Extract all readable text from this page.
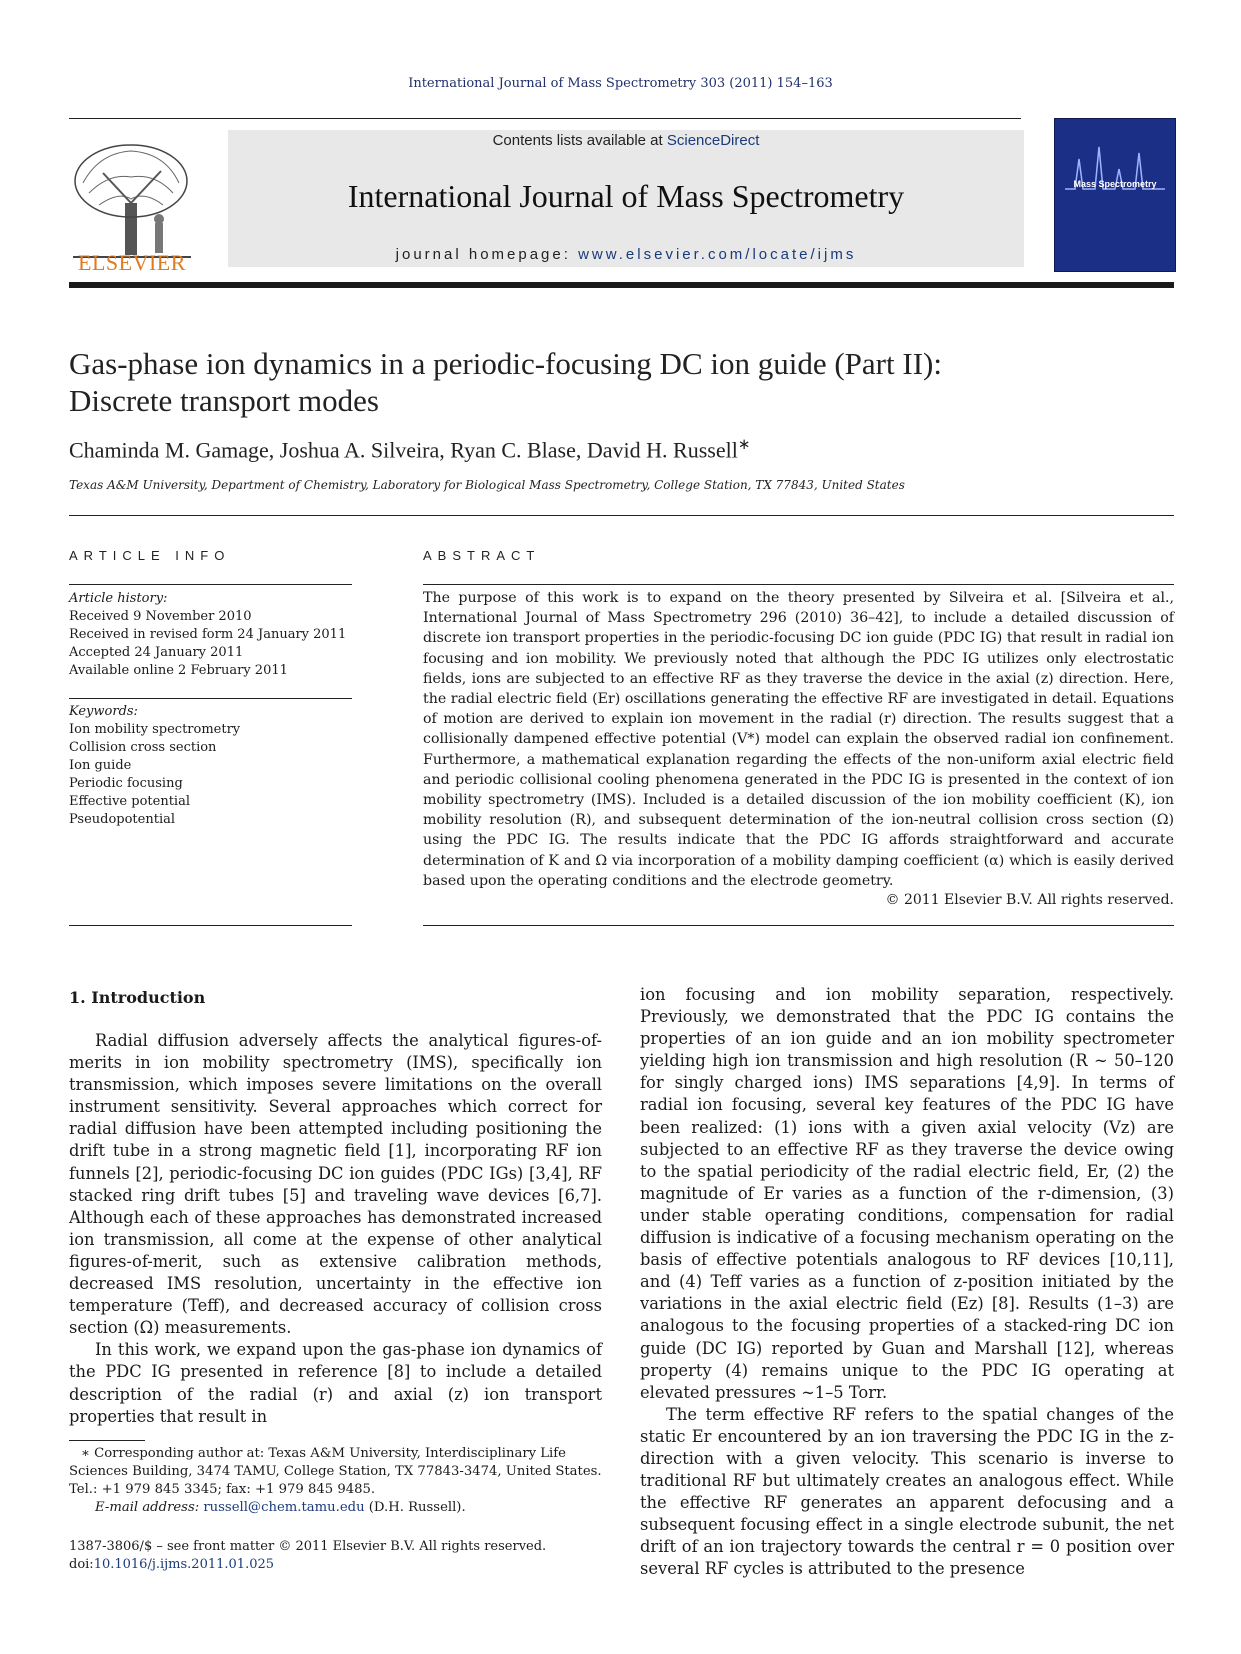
International Journal of Mass Spectrometry 303 (2011) 154–163
ELSEVIER
Contents lists available at ScienceDirect
International Journal of Mass Spectrometry
journal homepage: www.elsevier.com/locate/ijms
Mass Spectrometry
Gas-phase ion dynamics in a periodic-focusing DC ion guide (Part II):
Discrete transport modes
Chaminda M. Gamage, Joshua A. Silveira, Ryan C. Blase, David H. Russell∗
Texas A&M University, Department of Chemistry, Laboratory for Biological Mass Spectrometry, College Station, TX 77843, United States
ARTICLE INFO	ABSTRACT
Article history:
Received 9 November 2010
Received in revised form 24 January 2011
Accepted 24 January 2011
Available online 2 February 2011
Keywords:
Ion mobility spectrometry
Collision cross section
Ion guide
Periodic focusing
Effective potential
Pseudopotential
The purpose of this work is to expand on the theory presented by Silveira et al. [Silveira et al., International Journal of Mass Spectrometry 296 (2010) 36–42], to include a detailed discussion of discrete ion transport properties in the periodic-focusing DC ion guide (PDC IG) that result in radial ion focusing and ion mobility. We previously noted that although the PDC IG utilizes only electrostatic fields, ions are subjected to an effective RF as they traverse the device in the axial (z) direction. Here, the radial electric field (Er) oscillations generating the effective RF are investigated in detail. Equations of motion are derived to explain ion movement in the radial (r) direction. The results suggest that a collisionally dampened effective potential (V*) model can explain the observed radial ion confinement. Furthermore, a mathematical explanation regarding the effects of the non-uniform axial electric field and periodic collisional cooling phenomena generated in the PDC IG is presented in the context of ion mobility spectrometry (IMS). Included is a detailed discussion of the ion mobility coefficient (K), ion mobility resolution (R), and subsequent determination of the ion-neutral collision cross section (Ω) using the PDC IG. The results indicate that the PDC IG affords straightforward and accurate determination of K and Ω via incorporation of a mobility damping coefficient (α) which is easily derived based upon the operating conditions and the electrode geometry.
© 2011 Elsevier B.V. All rights reserved.
1. Introduction

Radial diffusion adversely affects the analytical figures-of-merits in ion mobility spectrometry (IMS), specifically ion transmission, which imposes severe limitations on the overall instrument sensitivity. Several approaches which correct for radial diffusion have been attempted including positioning the drift tube in a strong magnetic field [1], incorporating RF ion funnels [2], periodic-focusing DC ion guides (PDC IGs) [3,4], RF stacked ring drift tubes [5] and traveling wave devices [6,7]. Although each of these approaches has demonstrated increased ion transmission, all come at the expense of other analytical figures-of-merit, such as extensive calibration methods, decreased IMS resolution, uncertainty in the effective ion temperature (Teff), and decreased accuracy of collision cross section (Ω) measurements.

In this work, we expand upon the gas-phase ion dynamics of the PDC IG presented in reference [8] to include a detailed description of the radial (r) and axial (z) ion transport properties that result in

ion focusing and ion mobility separation, respectively. Previously, we demonstrated that the PDC IG contains the properties of an ion guide and an ion mobility spectrometer yielding high ion transmission and high resolution (R ∼ 50–120 for singly charged ions) IMS separations [4,9]. In terms of radial ion focusing, several key features of the PDC IG have been realized: (1) ions with a given axial velocity (Vz) are subjected to an effective RF as they traverse the device owing to the spatial periodicity of the radial electric field, Er, (2) the magnitude of Er varies as a function of the r-dimension, (3) under stable operating conditions, compensation for radial diffusion is indicative of a focusing mechanism operating on the basis of effective potentials analogous to RF devices [10,11], and (4) Teff varies as a function of z-position initiated by the variations in the axial electric field (Ez) [8]. Results (1–3) are analogous to the focusing properties of a stacked-ring DC ion guide (DC IG) reported by Guan and Marshall [12], whereas property (4) remains unique to the PDC IG operating at elevated pressures ∼1–5 Torr.

The term effective RF refers to the spatial changes of the static Er encountered by an ion traversing the PDC IG in the z-direction with a given velocity. This scenario is inverse to traditional RF but ultimately creates an analogous effect. While the effective RF generates an apparent defocusing and a subsequent focusing effect in a single electrode subunit, the net drift of an ion trajectory towards the central r = 0 position over several RF cycles is attributed to the presence

∗ Corresponding author at: Texas A&M University, Interdisciplinary Life Sciences Building, 3474 TAMU, College Station, TX 77843-3474, United States.

Tel.: +1 979 845 3345; fax: +1 979 845 9485.

E-mail address: russell@chem.tamu.edu (D.H. Russell).

1387-3806/$ – see front matter © 2011 Elsevier B.V. All rights reserved.
doi:10.1016/j.ijms.2011.01.025
